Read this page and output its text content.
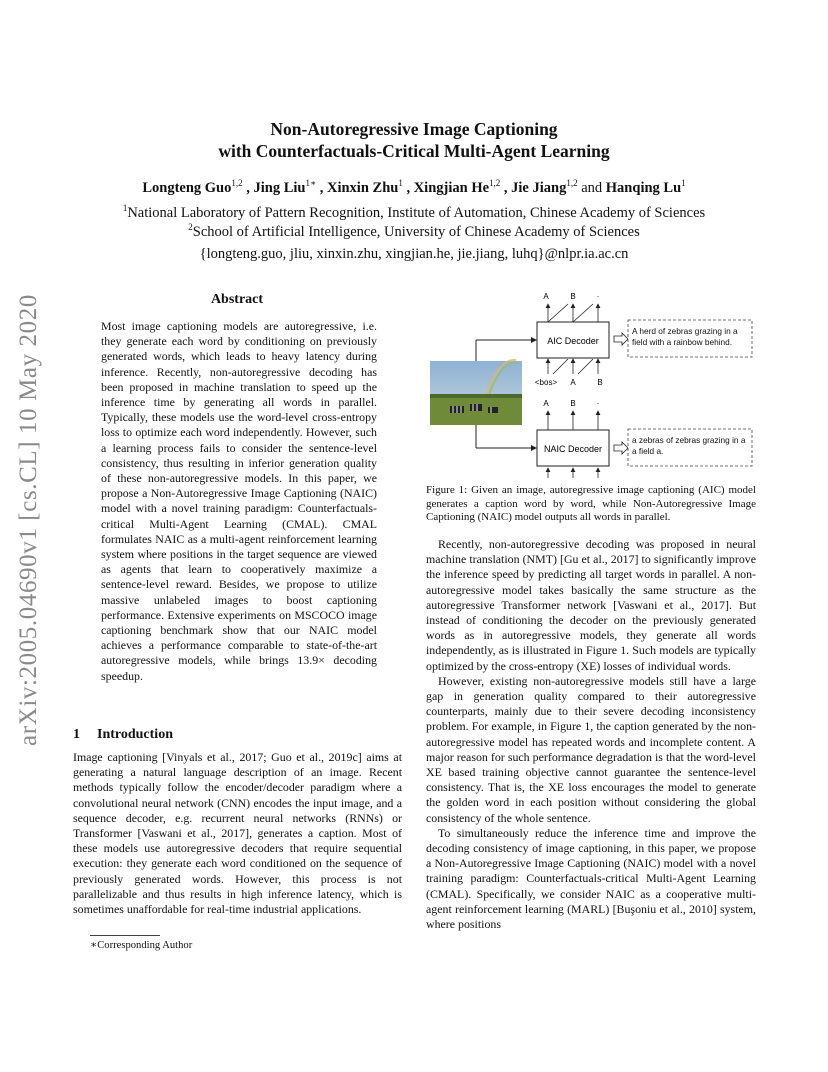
arXiv:2005.04690v1 [cs.CL] 10 May 2020
Non-Autoregressive Image Captioning
with Counterfactuals-Critical Multi-Agent Learning
Longteng Guo$^{1,2}$ , Jing Liu$^{1∗}$ , Xinxin Zhu$^1$ , Xingjian He$^{1,2}$ , Jie Jiang$^{1,2}$ and Hanqing Lu$^1$
$^1$National Laboratory of Pattern Recognition, Institute of Automation, Chinese Academy of Sciences
$^2$School of Artificial Intelligence, University of Chinese Academy of Sciences
{longteng.guo, jliu, xinxin.zhu, xingjian.he, jie.jiang, luhq}@nlpr.ia.ac.cn
Abstract
Most image captioning models are autoregressive, i.e. they generate each word by conditioning on previously generated words, which leads to heavy latency during inference. Recently, non-autoregressive decoding has been proposed in machine translation to speed up the inference time by generating all words in parallel. Typically, these models use the word-level cross-entropy loss to optimize each word independently. However, such a learning process fails to consider the sentence-level consistency, thus resulting in inferior generation quality of these non-autoregressive models. In this paper, we propose a Non-Autoregressive Image Captioning (NAIC) model with a novel training paradigm: Counterfactuals-critical Multi-Agent Learning (CMAL). CMAL formulates NAIC as a multi-agent reinforcement learning system where positions in the target sequence are viewed as agents that learn to cooperatively maximize a sentence-level reward. Besides, we propose to utilize massive unlabeled images to boost captioning performance. Extensive experiments on MSCOCO image captioning benchmark show that our NAIC model achieves a performance comparable to state-of-the-art autoregressive models, while brings 13.9× decoding speedup.
1 Introduction
Image captioning [Vinyals et al., 2017; Guo et al., 2019c] aims at generating a natural language description of an image. Recent methods typically follow the encoder/decoder paradigm where a convolutional neural network (CNN) encodes the input image, and a sequence decoder, e.g. recurrent neural networks (RNNs) or Transformer [Vaswani et al., 2017], generates a caption. Most of these models use autoregressive decoders that require sequential execution: they generate each word conditioned on the sequence of previously generated words. However, this process is not parallelizable and thus results in high inference latency, which is sometimes unaffordable for real-time industrial applications.
∗Corresponding Author
AIC Decoder
A	B	·
<bos> A	B
NAIC Decoder
A	B	·
A herd of zebras grazing in a field with a rainbow behind.
a zebras of zebras grazing in a a field a.
Figure 1: Given an image, autoregressive image captioning (AIC) model generates a caption word by word, while Non-Autoregressive Image Captioning (NAIC) model outputs all words in parallel.

Recently, non-autoregressive decoding was proposed in neural machine translation (NMT) [Gu et al., 2017] to significantly improve the inference speed by predicting all target words in parallel. A non-autoregressive model takes basically the same structure as the autoregressive Transformer network [Vaswani et al., 2017]. But instead of conditioning the decoder on the previously generated words as in autoregressive models, they generate all words independently, as is illustrated in Figure 1. Such models are typically optimized by the cross-entropy (XE) losses of individual words.

However, existing non-autoregressive models still have a large gap in generation quality compared to their autoregressive counterparts, mainly due to their severe decoding inconsistency problem. For example, in Figure 1, the caption generated by the non-autoregressive model has repeated words and incomplete content. A major reason for such performance degradation is that the word-level XE based training objective cannot guarantee the sentence-level consistency. That is, the XE loss encourages the model to generate the golden word in each position without considering the global consistency of the whole sentence.

To simultaneously reduce the inference time and improve the decoding consistency of image captioning, in this paper, we propose a Non-Autoregressive Image Captioning (NAIC) model with a novel training paradigm: Counterfactuals-critical Multi-Agent Learning (CMAL). Specifically, we consider NAIC as a cooperative multi-agent reinforcement learning (MARL) [Buşoniu et al., 2010] system, where positions
